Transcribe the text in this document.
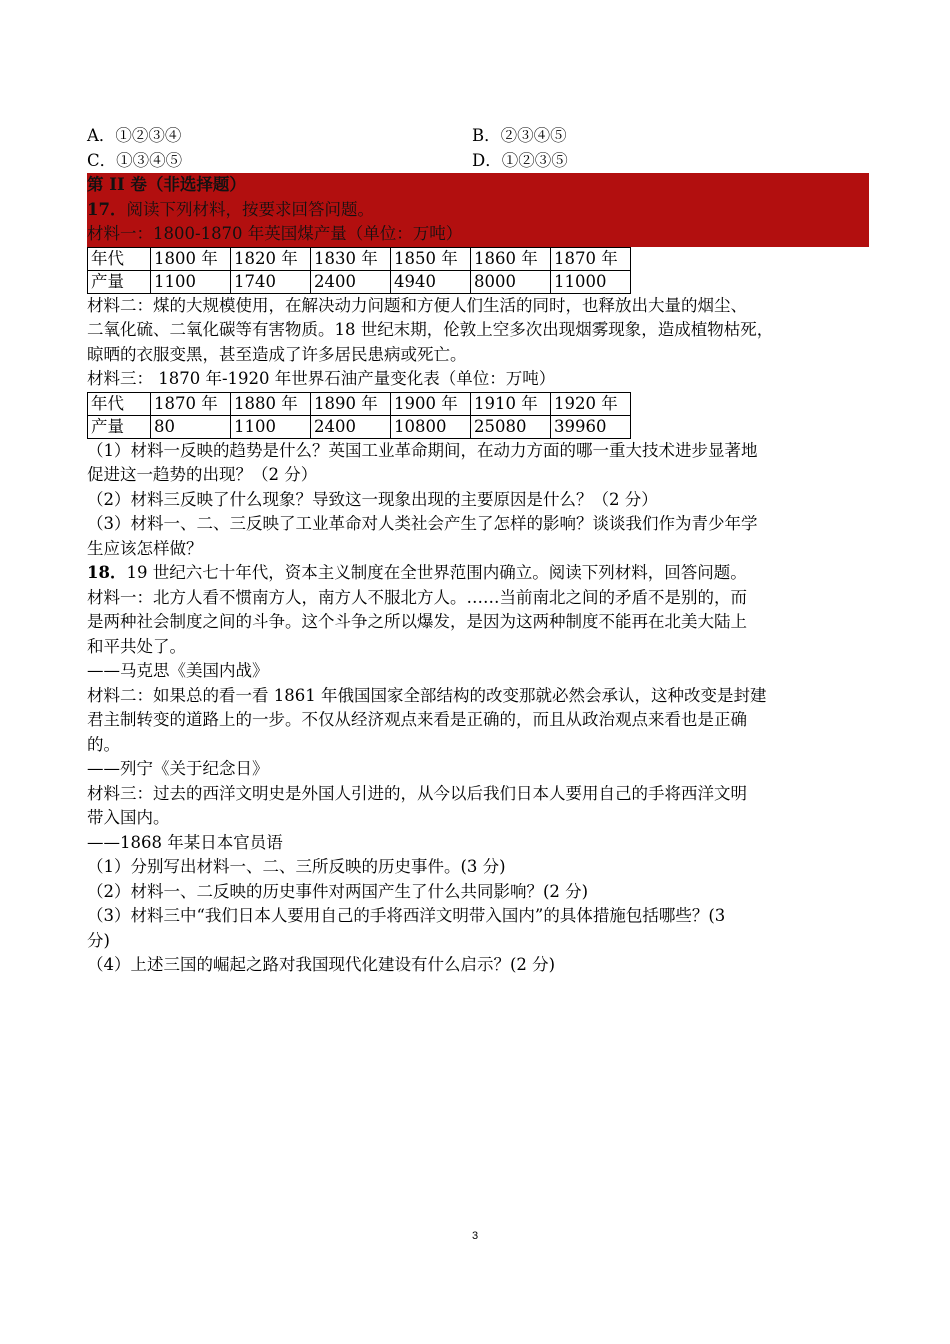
A．①②③④	B．②③④⑤
C．①③④⑤	D．①②③⑤
第 II 卷（非选择题）
17．阅读下列材料，按要求回答问题。
材料一：1800-1870 年英国煤产量（单位：万吨）
年代	1800 年	1820 年	1830 年	1850 年	1860 年	1870 年
产量	1100	1740	2400	4940	8000	11000
材料二：煤的大规模使用，在解决动力问题和方便人们生活的同时，也释放出大量的烟尘、
二氧化硫、二氧化碳等有害物质。18 世纪末期，伦敦上空多次出现烟雾现象，造成植物枯死，
晾晒的衣服变黑，甚至造成了许多居民患病或死亡。
材料三： 1870 年-1920 年世界石油产量变化表（单位：万吨）
年代	1870 年	1880 年	1890 年	1900 年	1910 年	1920 年
产量	80	1100	2400	10800	25080	39960
（1）材料一反映的趋势是什么？英国工业革命期间，在动力方面的哪一重大技术进步显著地
促进这一趋势的出现？（2 分）
（2）材料三反映了什么现象？导致这一现象出现的主要原因是什么？（2 分）
（3）材料一、二、三反映了工业革命对人类社会产生了怎样的影响？谈谈我们作为青少年学
生应该怎样做？
18．19 世纪六七十年代，资本主义制度在全世界范围内确立。阅读下列材料，回答问题。
材料一：北方人看不惯南方人，南方人不服北方人。……当前南北之间的矛盾不是别的，而
是两种社会制度之间的斗争。这个斗争之所以爆发，是因为这两种制度不能再在北美大陆上
和平共处了。
——马克思《美国内战》
材料二：如果总的看一看 1861 年俄国国家全部结构的改变那就必然会承认，这种改变是封建
君主制转变的道路上的一步。不仅从经济观点来看是正确的，而且从政治观点来看也是正确
的。
——列宁《关于纪念日》
材料三：过去的西洋文明史是外国人引进的，从今以后我们日本人要用自己的手将西洋文明
带入国内。
——1868 年某日本官员语
（1）分别写出材料一、二、三所反映的历史事件。(3 分)
（2）材料一、二反映的历史事件对两国产生了什么共同影响？(2 分)
（3）材料三中“我们日本人要用自己的手将西洋文明带入国内”的具体措施包括哪些？(3
分)
（4）上述三国的崛起之路对我国现代化建设有什么启示？(2 分)
3
